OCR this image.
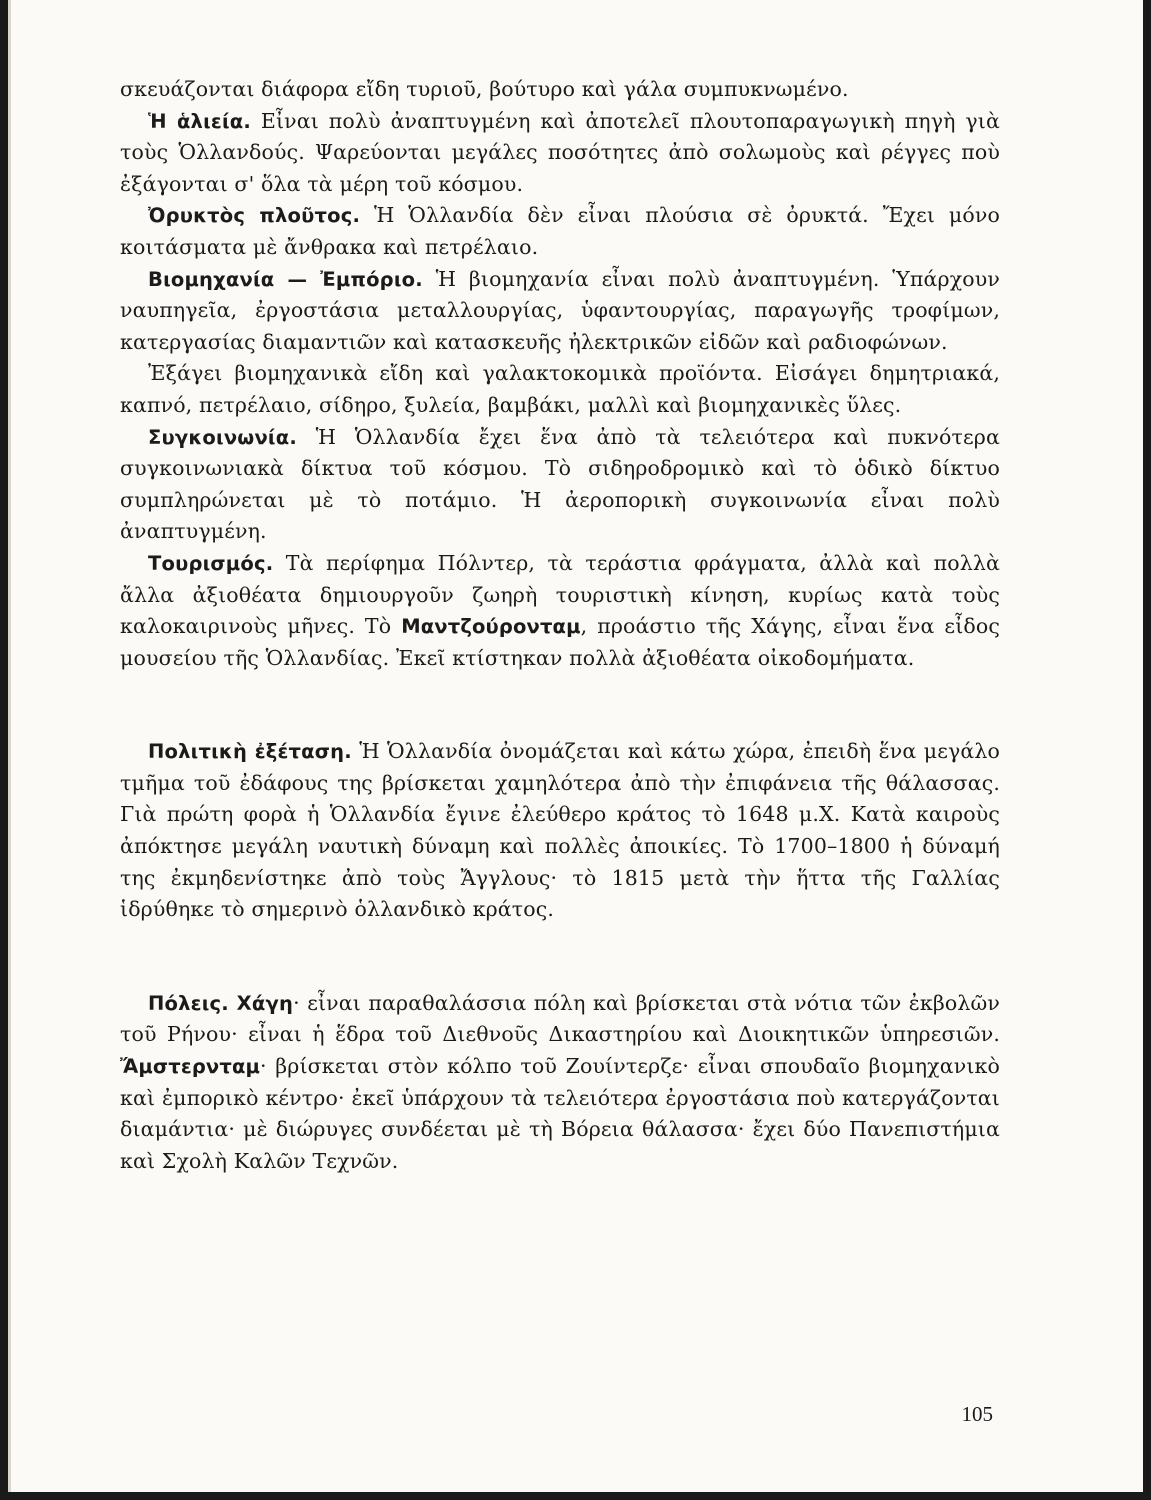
σκευάζονται διάφορα εἴδη τυριοῦ, βούτυρο καὶ γάλα συμπυκνωμένο.

Ἡ ἁλιεία. Εἶναι πολὺ ἀναπτυγμένη καὶ ἀποτελεῖ πλουτοπαραγωγικὴ πηγὴ γιὰ τοὺς Ὁλλανδούς. Ψαρεύονται μεγάλες ποσότητες ἀπὸ σολωμοὺς καὶ ρέγγες ποὺ ἐξάγονται σ' ὅλα τὰ μέρη τοῦ κόσμου.

Ὀρυκτὸς πλοῦτος. Ἡ Ὁλλανδία δὲν εἶναι πλούσια σὲ ὀρυκτά. Ἔχει μόνο κοιτάσματα μὲ ἄνθρακα καὶ πετρέλαιο.

Βιομηχανία — Ἐμπόριο. Ἡ βιομηχανία εἶναι πολὺ ἀναπτυγμένη. Ὑπάρχουν ναυπηγεῖα, ἐργοστάσια μεταλλουργίας, ὑφαντουργίας, παραγωγῆς τροφίμων, κατεργασίας διαμαντιῶν καὶ κατασκευῆς ἠλεκτρικῶν εἰδῶν καὶ ραδιοφώνων.

Ἐξάγει βιομηχανικὰ εἴδη καὶ γαλακτοκομικὰ προϊόντα. Εἰσάγει δημητριακά, καπνό, πετρέλαιο, σίδηρο, ξυλεία, βαμβάκι, μαλλὶ καὶ βιομηχανικὲς ὕλες.

Συγκοινωνία. Ἡ Ὁλλανδία ἔχει ἕνα ἀπὸ τὰ τελειότερα καὶ πυκνότερα συγκοινωνιακὰ δίκτυα τοῦ κόσμου. Τὸ σιδηροδρομικὸ καὶ τὸ ὁδικὸ δίκτυο συμπληρώνεται μὲ τὸ ποτάμιο. Ἡ ἀεροπορικὴ συγκοινωνία εἶναι πολὺ ἀναπτυγμένη.

Τουρισμός. Τὰ περίφημα Πόλντερ, τὰ τεράστια φράγματα, ἀλλὰ καὶ πολλὰ ἄλλα ἀξιοθέατα δημιουργοῦν ζωηρὴ τουριστικὴ κίνηση, κυρίως κατὰ τοὺς καλοκαιρινοὺς μῆνες. Τὸ Μαντζούρονταμ, προάστιο τῆς Χάγης, εἶναι ἕνα εἶδος μουσείου τῆς Ὁλλανδίας. Ἐκεῖ κτίστηκαν πολλὰ ἀξιοθέατα οἰκοδομήματα.

Πολιτικὴ ἐξέταση. Ἡ Ὁλλανδία ὀνομάζεται καὶ κάτω χώρα, ἐπειδὴ ἕνα μεγάλο τμῆμα τοῦ ἐδάφους της βρίσκεται χαμηλότερα ἀπὸ τὴν ἐπιφάνεια τῆς θάλασσας. Γιὰ πρώτη φορὰ ἡ Ὁλλανδία ἔγινε ἐλεύθερο κράτος τὸ 1648 μ.Χ. Κατὰ καιροὺς ἀπόκτησε μεγάλη ναυτικὴ δύναμη καὶ πολλὲς ἀποικίες. Τὸ 1700–1800 ἡ δύναμή της ἐκμηδενίστηκε ἀπὸ τοὺς Ἄγγλους· τὸ 1815 μετὰ τὴν ἥττα τῆς Γαλλίας ἱδρύθηκε τὸ σημερινὸ ὁλλανδικὸ κράτος.

Πόλεις. Χάγη· εἶναι παραθαλάσσια πόλη καὶ βρίσκεται στὰ νότια τῶν ἐκβολῶν τοῦ Ρήνου· εἶναι ἡ ἕδρα τοῦ Διεθνοῦς Δικαστηρίου καὶ Διοικητικῶν ὑπηρεσιῶν. Ἄμστερνταμ· βρίσκεται στὸν κόλπο τοῦ Ζουίντερζε· εἶναι σπουδαῖο βιομηχανικὸ καὶ ἐμπορικὸ κέντρο· ἐκεῖ ὑπάρχουν τὰ τελειότερα ἐργοστάσια ποὺ κατεργάζονται διαμάντια· μὲ διώρυγες συνδέεται μὲ τὴ Βόρεια θάλασσα· ἔχει δύο Πανεπιστήμια καὶ Σχολὴ Καλῶν Τεχνῶν.

105
